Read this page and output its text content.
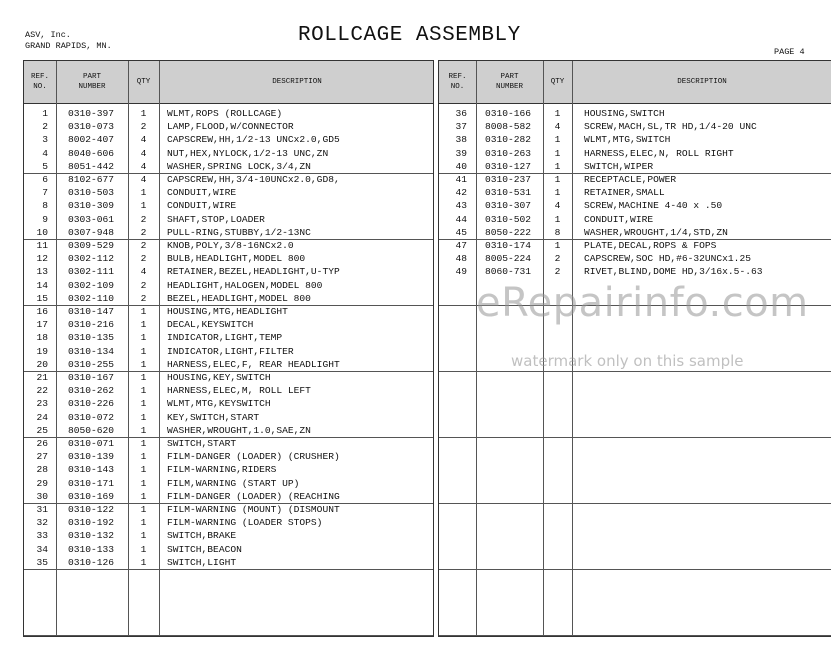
ASV, Inc.
GRAND RAPIDS, MN.	ROLLCAGE ASSEMBLY
PAGE 4
REF.
NO.
PART
NUMBER
QTY	DESCRIPTION
1 0310-397	1	WLMT,ROPS (ROLLCAGE)
2 0310-073	2	LAMP,FLOOD,W/CONNECTOR
3 8002-407	4	CAPSCREW,HH,1/2-13 UNCx2.0,GD5
4 8040-606	4	NUT,HEX,NYLOCK,1/2-13 UNC,ZN
5 8051-442	4	WASHER,SPRING LOCK,3/4,ZN
6 8102-677	4	CAPSCREW,HH,3/4-10UNCx2.0,GD8,
7 0310-503	1	CONDUIT,WIRE
8 0310-309	1	CONDUIT,WIRE
9 0303-061	2	SHAFT,STOP,LOADER
10 0307-948	2	PULL-RING,STUBBY,1/2-13NC
11 0309-529	2	KNOB,POLY,3/8-16NCx2.0
12 0302-112	2	BULB,HEADLIGHT,MODEL 800
13 0302-111	4	RETAINER,BEZEL,HEADLIGHT,U-TYP
14 0302-109	2	HEADLIGHT,HALOGEN,MODEL 800
15 0302-110	2	BEZEL,HEADLIGHT,MODEL 800
16 0310-147	1	HOUSING,MTG,HEADLIGHT
17 0310-216	1	DECAL,KEYSWITCH
18 0310-135	1	INDICATOR,LIGHT,TEMP
19 0310-134	1	INDICATOR,LIGHT,FILTER
20 0310-255	1	HARNESS,ELEC,F, REAR HEADLIGHT
21 0310-167	1	HOUSING,KEY,SWITCH
22 0310-262	1	HARNESS,ELEC,M, ROLL LEFT
23 0310-226	1	WLMT,MTG,KEYSWITCH
24 0310-072	1	KEY,SWITCH,START
25 8050-620	1	WASHER,WROUGHT,1.0,SAE,ZN
26 0310-071	1	SWITCH,START
27 0310-139	1	FILM-DANGER (LOADER) (CRUSHER)
28 0310-143	1	FILM-WARNING,RIDERS
29 0310-171	1	FILM,WARNING (START UP)
30 0310-169	1	FILM-DANGER (LOADER) (REACHING
31 0310-122	1	FILM-WARNING (MOUNT) (DISMOUNT
32 0310-192	1	FILM-WARNING (LOADER STOPS)
33 0310-132	1	SWITCH,BRAKE
34 0310-133	1	SWITCH,BEACON
35 0310-126	1	SWITCH,LIGHT
REF.
NO.
PART
NUMBER
QTY	DESCRIPTION
36 0310-166	1	HOUSING,SWITCH
37 8008-582	4	SCREW,MACH,SL,TR HD,1/4-20 UNC
38 0310-282	1	WLMT,MTG,SWITCH
39 0310-263	1	HARNESS,ELEC,N, ROLL RIGHT
40 0310-127	1	SWITCH,WIPER
41 0310-237	1	RECEPTACLE,POWER
42 0310-531	1	RETAINER,SMALL
43 0310-307	4	SCREW,MACHINE 4-40 x .50
44 0310-502	1	CONDUIT,WIRE
45 8050-222	8	WASHER,WROUGHT,1/4,STD,ZN
47 0310-174	1	PLATE,DECAL,ROPS & FOPS
48 8005-224	2	CAPSCREW,SOC HD,#6-32UNCx1.25
49 8060-731	2	RIVET,BLIND,DOME HD,3/16x.5-.63
eRepairinfo.com
watermark only on this sample
